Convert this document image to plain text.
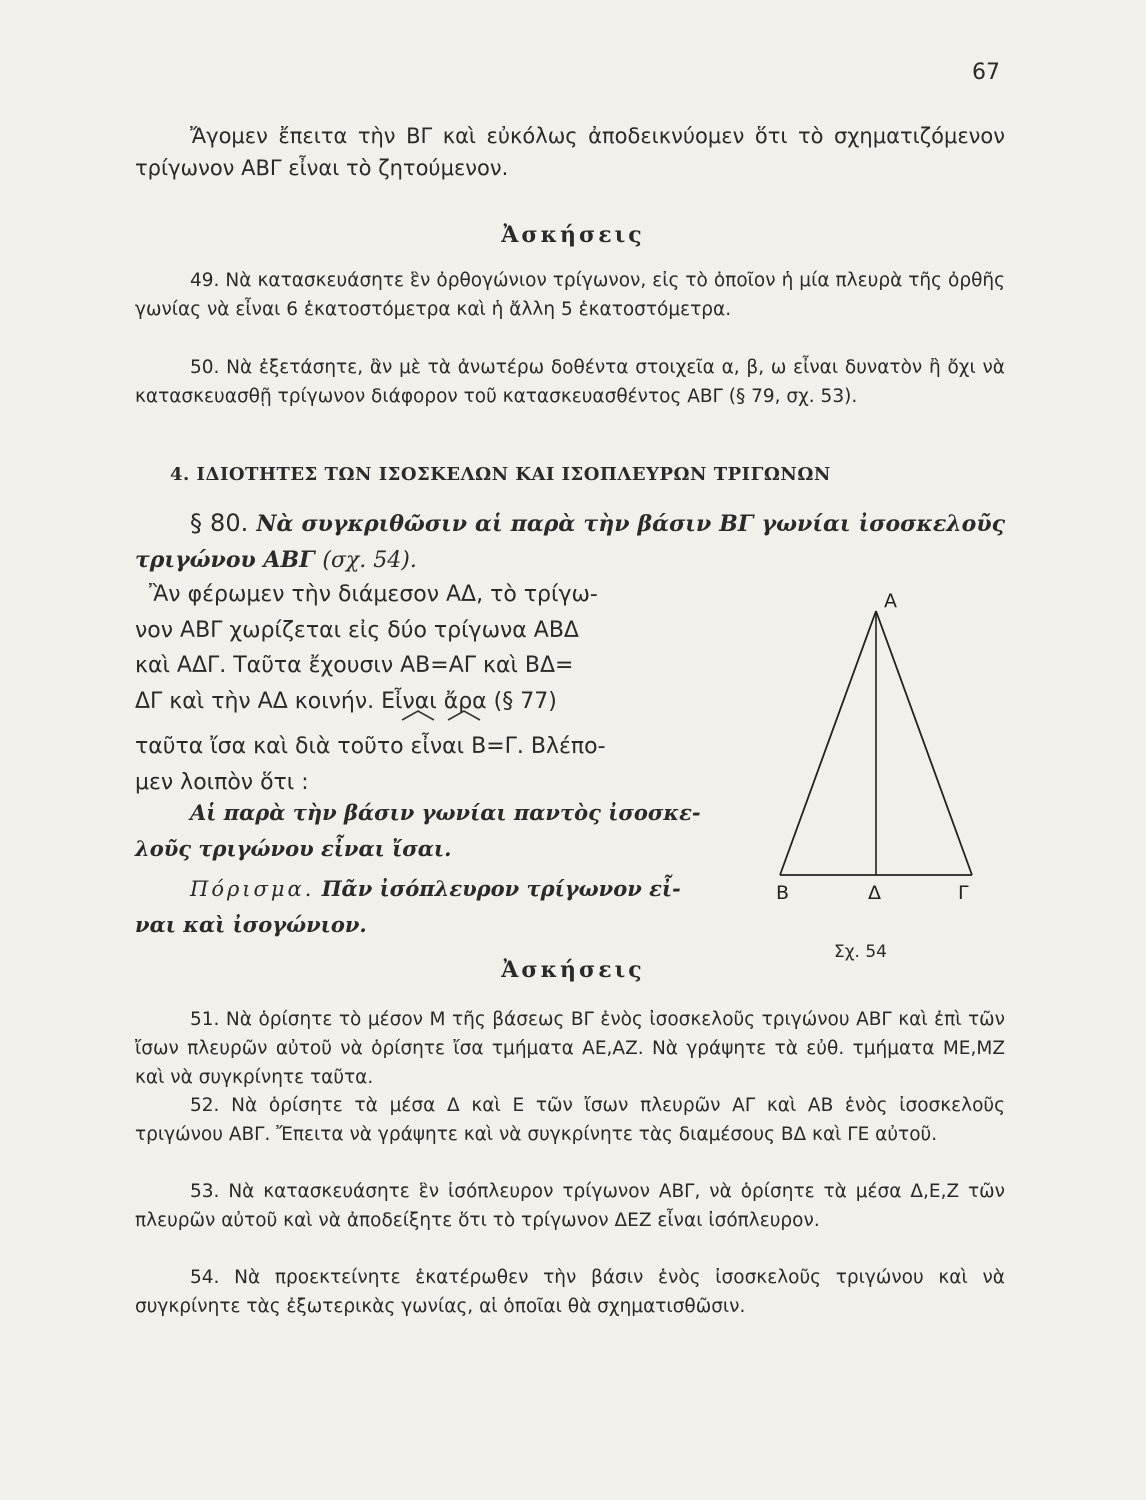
67
Ἄγομεν ἔπειτα τὴν ΒΓ καὶ εὐκόλως ἀποδεικνύομεν ὅτι τὸ σχηματιζόμενον τρίγωνον ΑΒΓ εἶναι τὸ ζητούμενον.
Ἀσκήσεις
49. Νὰ κατασκευάσητε ἓν ὀρθογώνιον τρίγωνον, εἰς τὸ ὁποῖον ἡ μία πλευρὰ τῆς ὀρθῆς γωνίας νὰ εἶναι 6 ἑκατοστόμετρα καὶ ἡ ἄλλη 5 ἑκατοστόμετρα.
50. Νὰ ἐξετάσητε, ἂν μὲ τὰ ἀνωτέρω δοθέντα στοιχεῖα α, β, ω εἶναι δυνατὸν ἢ ὄχι νὰ κατασκευασθῇ τρίγωνον διάφορον τοῦ κατασκευασθέντος ΑΒΓ (§ 79, σχ. 53).
4. ΙΔΙΟΤΗΤΕΣ ΤΩΝ ΙΣΟΣΚΕΛΩΝ ΚΑΙ ΙΣΟΠΛΕΥΡΩΝ ΤΡΙΓΩΝΩΝ
§ 80. Νὰ συγκριθῶσιν αἱ παρὰ τὴν βάσιν ΒΓ γωνίαι ἰσοσκελοῦς τριγώνου ΑΒΓ (σχ. 54).
Ἂν φέρωμεν τὴν διάμεσον ΑΔ, τὸ τρίγω-
νον ΑΒΓ χωρίζεται εἰς δύο τρίγωνα ΑΒΔ
καὶ ΑΔΓ. Ταῦτα ἔχουσιν ΑΒ=ΑΓ καὶ ΒΔ=
ΔΓ καὶ τὴν ΑΔ κοινήν. Εἶναι ἄρα (§ 77)
ταῦτα ἴσα καὶ διὰ τοῦτο εἶναι Β=Γ. Βλέπο-
μεν λοιπὸν ὅτι :
Αἱ παρὰ τὴν βάσιν γωνίαι παντὸς ἰσοσκε-
λοῦς τριγώνου εἶναι ἴσαι.
Πόρισμα. Πᾶν ἰσόπλευρον τρίγωνον εἶ-
ναι καὶ ἰσογώνιον.
Α
Β	Δ	Γ
Σχ. 54
Ἀσκήσεις
51. Νὰ ὁρίσητε τὸ μέσον Μ τῆς βάσεως ΒΓ ἑνὸς ἰσοσκελοῦς τριγώνου ΑΒΓ καὶ ἐπὶ τῶν ἴσων πλευρῶν αὐτοῦ νὰ ὁρίσητε ἴσα τμήματα ΑΕ,ΑΖ. Νὰ γράψητε τὰ εὐθ. τμήματα ΜΕ,ΜΖ καὶ νὰ συγκρίνητε ταῦτα.
52. Νὰ ὁρίσητε τὰ μέσα Δ καὶ Ε τῶν ἴσων πλευρῶν ΑΓ καὶ ΑΒ ἑνὸς ἰσοσκελοῦς τριγώνου ΑΒΓ. Ἔπειτα νὰ γράψητε καὶ νὰ συγκρίνητε τὰς διαμέσους ΒΔ καὶ ΓΕ αὐτοῦ.
53. Νὰ κατασκευάσητε ἓν ἰσόπλευρον τρίγωνον ΑΒΓ, νὰ ὁρίσητε τὰ μέσα Δ,Ε,Ζ τῶν πλευρῶν αὐτοῦ καὶ νὰ ἀποδείξητε ὅτι τὸ τρίγωνον ΔΕΖ εἶναι ἰσόπλευρον.
54. Νὰ προεκτείνητε ἑκατέρωθεν τὴν βάσιν ἑνὸς ἰσοσκελοῦς τριγώνου καὶ νὰ συγκρίνητε τὰς ἐξωτερικὰς γωνίας, αἱ ὁποῖαι θὰ σχηματισθῶσιν.
